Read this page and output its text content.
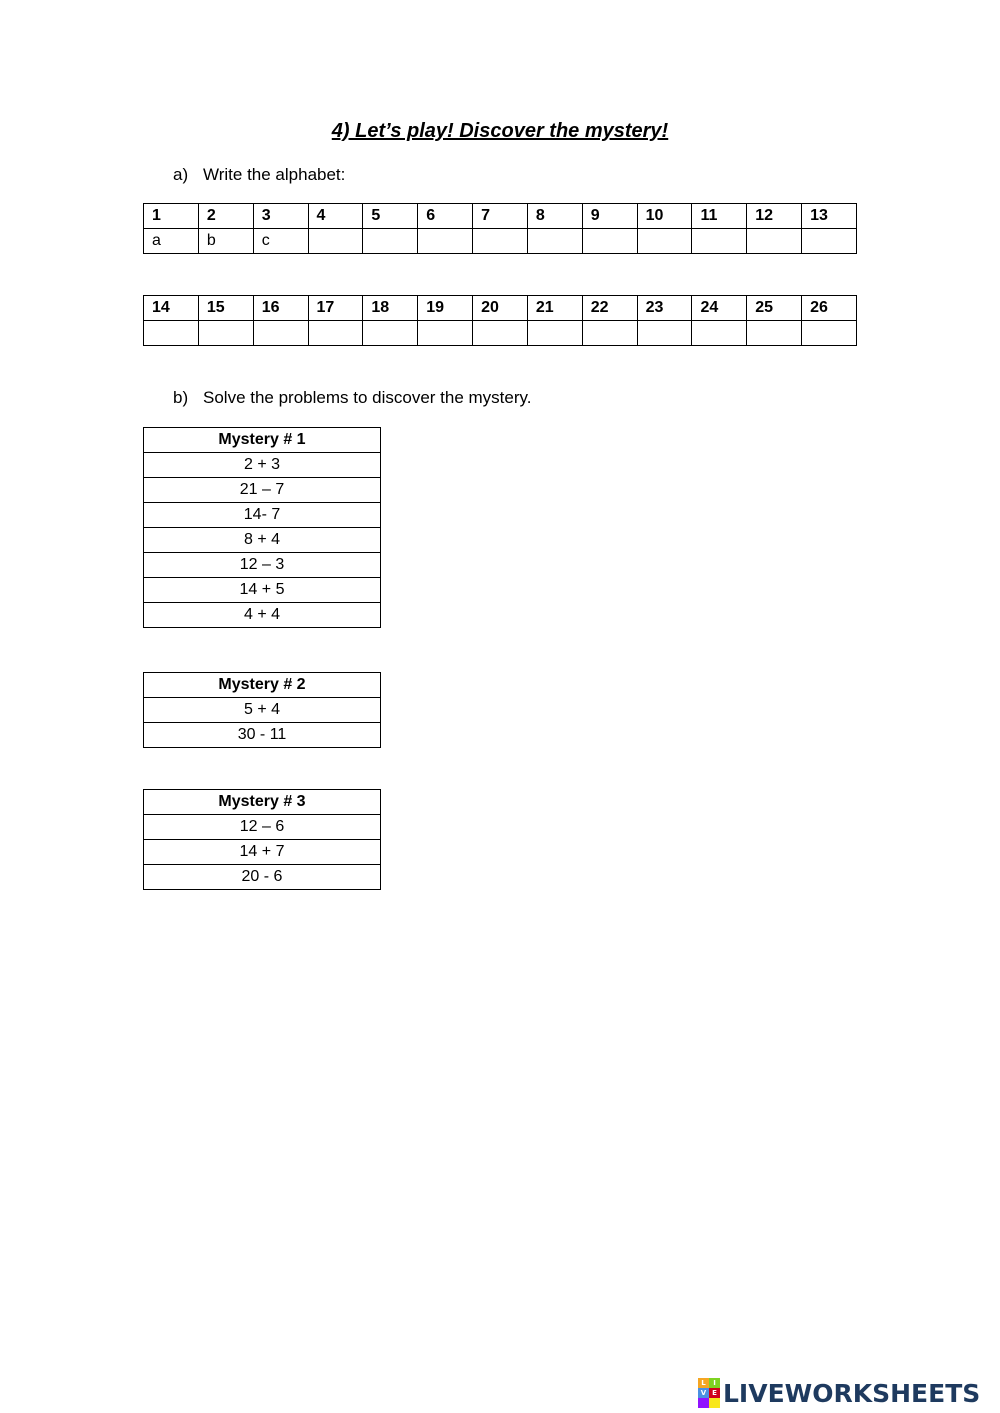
4) Let’s play! Discover the mystery!
a) Write the alphabet:
1	2	3	4	5	6	7	8	9	10	11	12	13
a	b	c										
14	15	16	17	18	19	20	21	22	23	24	25	26

b) Solve the problems to discover the mystery.
Mystery # 1
2 + 3
21 – 7
14- 7
8 + 4
12 – 3
14 + 5
4 + 4
Mystery # 2
5 + 4
30 - 11
Mystery # 3
12 – 6
14 + 7
20 - 6
L	I
V E LIVEWORKSHEETS
